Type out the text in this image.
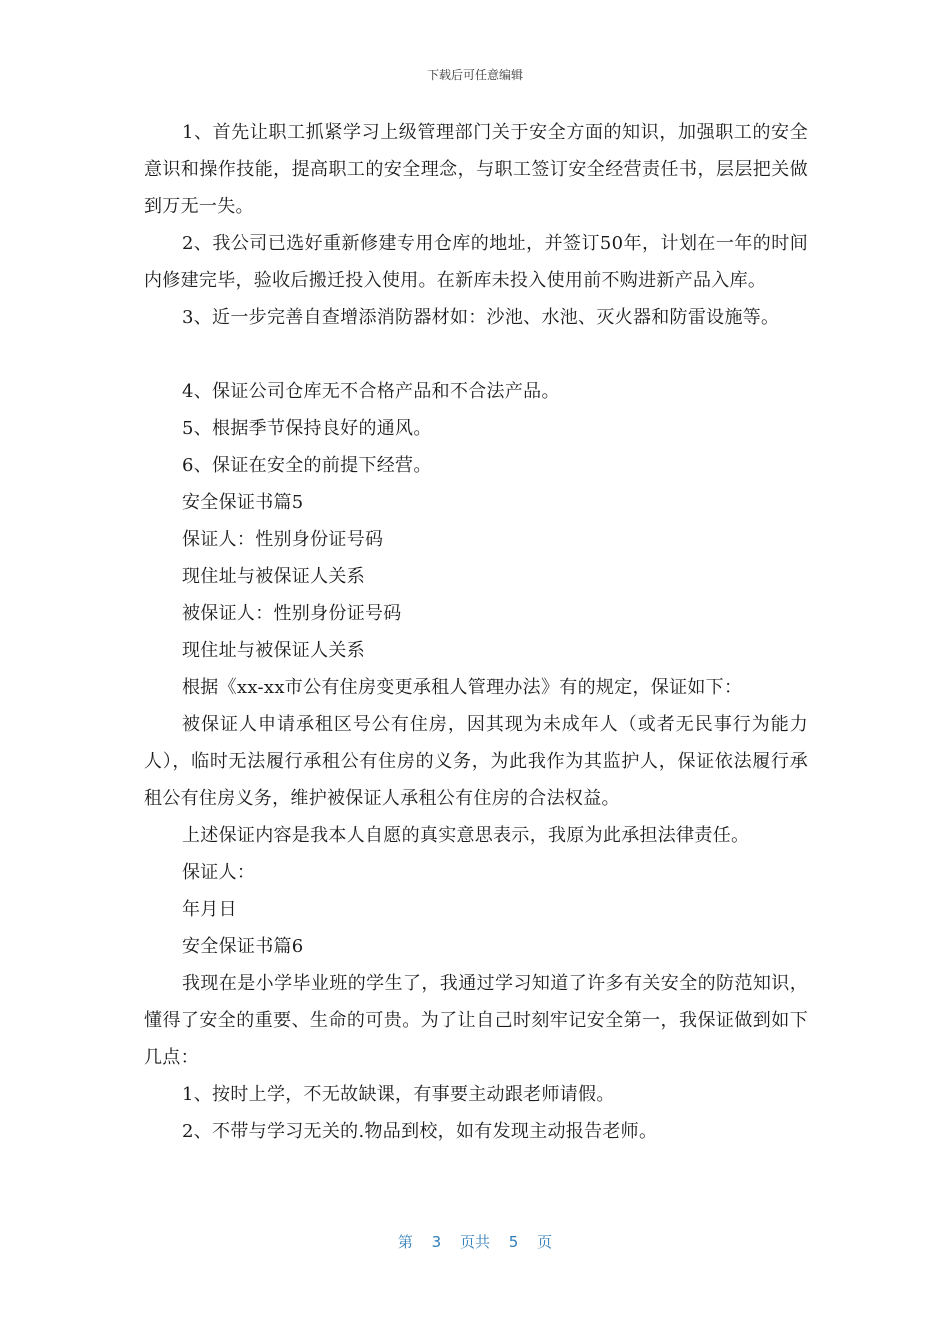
下载后可任意编辑

1、首先让职工抓紧学习上级管理部门关于安全方面的知识，加强职工的安全意识和操作技能，提高职工的安全理念，与职工签订安全经营责任书，层层把关做到万无一失。

2、我公司已选好重新修建专用仓库的地址，并签订50年，计划在一年的时间内修建完毕，验收后搬迁投入使用。在新库未投入使用前不购进新产品入库。

3、近一步完善自查增添消防器材如：沙池、水池、灭火器和防雷设施等。

4、保证公司仓库无不合格产品和不合法产品。

5、根据季节保持良好的通风。

6、保证在安全的前提下经营。

安全保证书篇5

保证人：性别身份证号码

现住址与被保证人关系

被保证人：性别身份证号码

现住址与被保证人关系

根据《xx-xx市公有住房变更承租人管理办法》有的规定，保证如下：

被保证人申请承租区号公有住房，因其现为未成年人（或者无民事行为能力人），临时无法履行承租公有住房的义务，为此我作为其监护人，保证依法履行承租公有住房义务，维护被保证人承租公有住房的合法权益。

上述保证内容是我本人自愿的真实意思表示，我原为此承担法律责任。

保证人：

年月日

安全保证书篇6

我现在是小学毕业班的学生了，我通过学习知道了许多有关安全的防范知识，懂得了安全的重要、生命的可贵。为了让自己时刻牢记安全第一，我保证做到如下几点：

1、按时上学，不无故缺课，有事要主动跟老师请假。

2、不带与学习无关的.物品到校，如有发现主动报告老师。

第 3 页共 5 页
